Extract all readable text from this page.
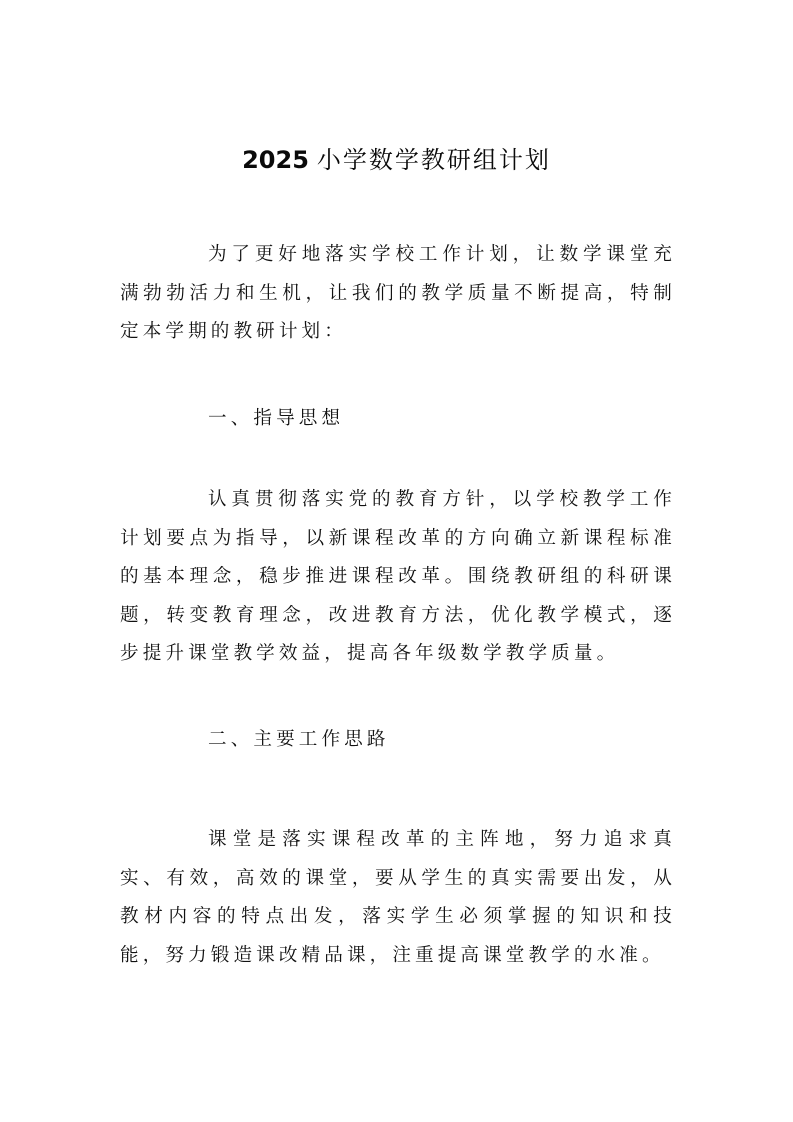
2025 小学数学教研组计划

为了更好地落实学校工作计划，让数学课堂充满勃勃活力和生机，让我们的教学质量不断提高，特制定本学期的教研计划：

一、指导思想

认真贯彻落实党的教育方针，以学校教学工作计划要点为指导，以新课程改革的方向确立新课程标准的基本理念，稳步推进课程改革。围绕教研组的科研课题，转变教育理念，改进教育方法，优化教学模式，逐步提升课堂教学效益，提高各年级数学教学质量。

二、主要工作思路

课堂是落实课程改革的主阵地，努力追求真实、有效，高效的课堂，要从学生的真实需要出发，从教材内容的特点出发，落实学生必须掌握的知识和技能，努力锻造课改精品课，注重提高课堂教学的水准。
